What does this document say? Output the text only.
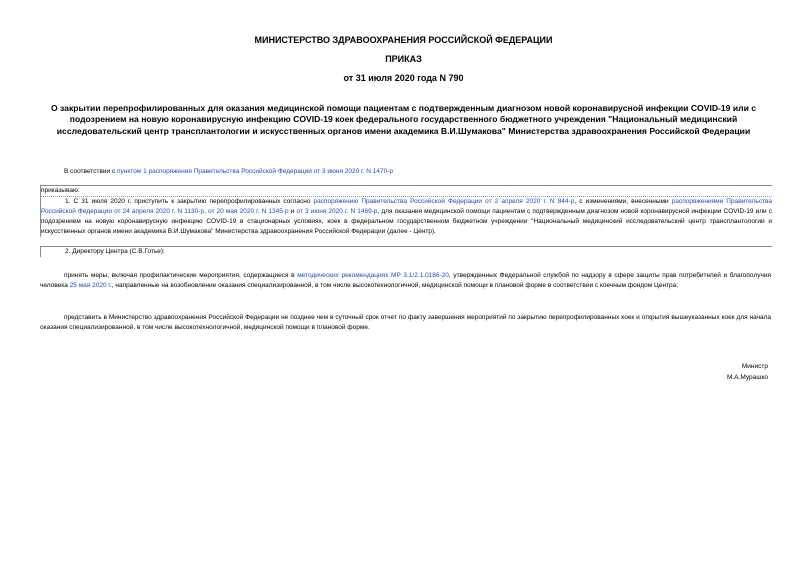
МИНИСТЕРСТВО ЗДРАВООХРАНЕНИЯ РОССИЙСКОЙ ФЕДЕРАЦИИ
ПРИКАЗ
от 31 июля 2020 года N 790
О закрытии перепрофилированных для оказания медицинской помощи пациентам с подтвержденным диагнозом новой коронавирусной инфекции COVID-19 или с подозрением на новую коронавирусную инфекцию COVID-19 коек федерального государственного бюджетного учреждения "Национальный медицинский исследовательский центр трансплантологии и искусственных органов имени академика В.И.Шумакова" Министерства здравоохранения Российской Федерации
В соответствии с пунктом 1 распоряжения Правительства Российской Федерации от 3 июня 2020 г. N 1470-р
приказываю:
1. С 31 июля 2020 г. приступить к закрытию перепрофилированных согласно распоряжению Правительства Российской Федерации от 2 апреля 2020 г. N 844-р, с изменениями, внесенными распоряжениями Правительства Российской Федерации от 24 апреля 2020 г. N 1130-р, от 20 мая 2020 г. N 1345-р и от 3 июня 2020 г. N 1469-р, для оказания медицинской помощи пациентам с подтвержденным диагнозом новой коронавирусной инфекции COVID-19 или с подозрением на новую коронавирусную инфекцию COVID-19 в стационарных условиях, коек в федеральном государственном бюджетном учреждении "Национальный медицинский исследовательский центр трансплантологии и искусственных органов имени академика В.И.Шумакова" Министерства здравоохранения Российской Федерации (далее - Центр).
2. Директору Центра (С.В.Готье):
принять меры, включая профилактические мероприятия, содержащиеся в методических рекомендациях МР 3.1/2.1.0186-20, утвержденных Федеральной службой по надзору в сфере защиты прав потребителей и благополучия человека 25 мая 2020 г., направленные на возобновление оказания специализированной, в том числе высокотехнологичной, медицинской помощи в плановой форме в соответствии с коечным фондом Центра;
представить в Министерство здравоохранения Российской Федерации не позднее чем в суточный срок отчет по факту завершения мероприятий по закрытию перепрофилированных коек и открытия вышеуказанных коек для начала оказания специализированной, в том числе высокотехнологичной, медицинской помощи в плановой форме.
Министр
М.А.Мурашко
